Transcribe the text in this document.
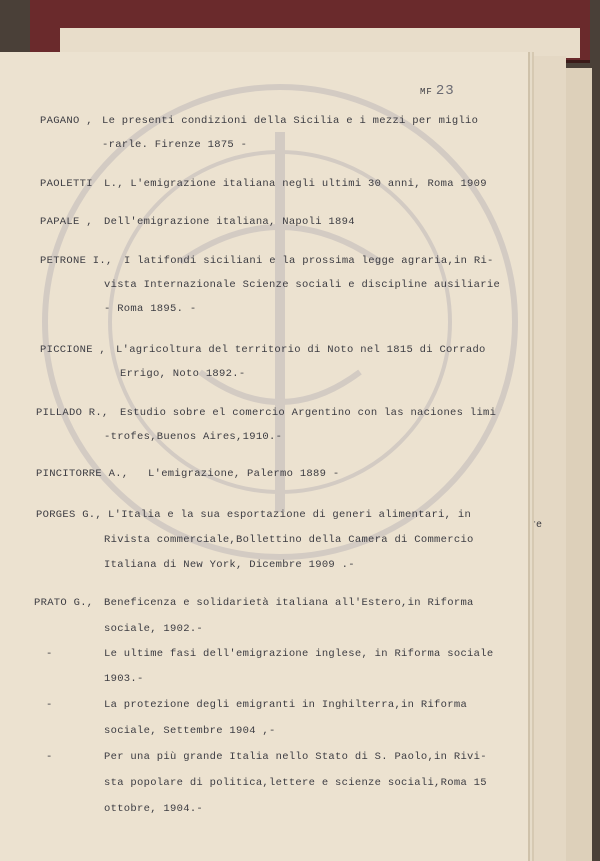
re
MF 23
PAGANO , Le presenti condizioni della Sicilia e i mezzi per miglio
-rarle. Firenze 1875 -
PAOLETTI L., L'emigrazione italiana negli ultimi 30 anni, Roma 1909
PAPALE , Dell'emigrazione italiana, Napoli 1894
PETRONE I., I latifondi siciliani e la prossima legge agraria,in Ri-
vista Internazionale Scienze sociali e discipline ausiliarie
- Roma 1895. -
PICCIONE , L'agricoltura del territorio di Noto nel 1815 di Corrado
Errigo, Noto 1892.-
PILLADO R., Estudio sobre el comercio Argentino con las naciones limi
-trofes,Buenos Aires,1910.-
PINCITORRE A., L'emigrazione, Palermo 1889 -
PORGES G., L'Italia e la sua esportazione di generi alimentari, in
Rivista commerciale,Bollettino della Camera di Commercio
Italiana di New York, Dicembre 1909 .-
PRATO G., Beneficenza e solidarietà italiana all'Estero,in Riforma
sociale, 1902.-
-	Le ultime fasi dell'emigrazione inglese, in Riforma sociale
1903.-
-	La protezione degli emigranti in Inghilterra,in Riforma
sociale, Settembre 1904 ,-
-	Per una più grande Italia nello Stato di S. Paolo,in Rivi-
sta popolare di politica,lettere e scienze sociali,Roma 15
ottobre, 1904.-
